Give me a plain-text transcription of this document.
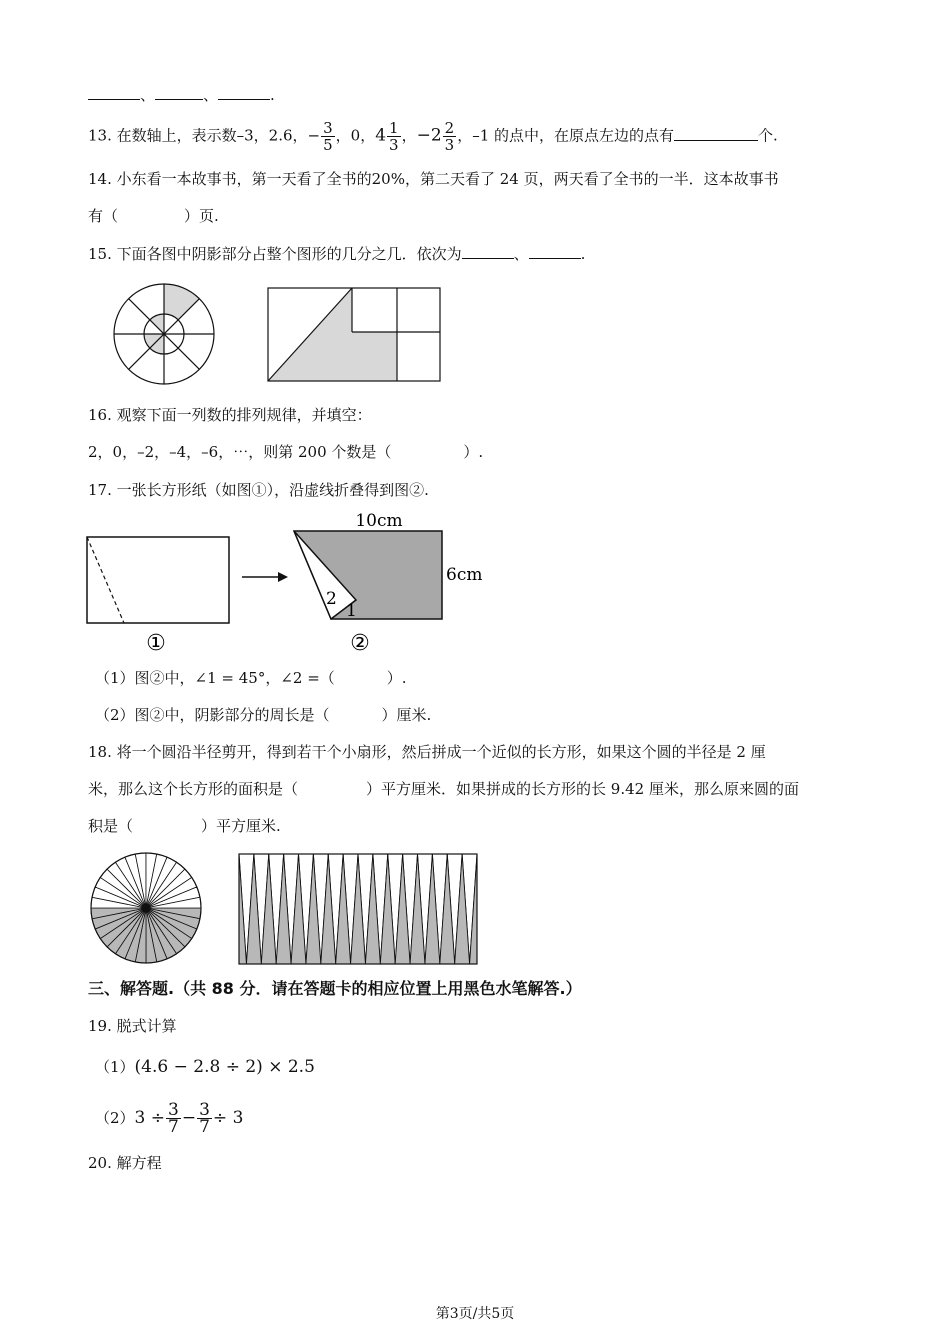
、	、	.
13. 在数轴上，表示数–3，2.6，− $\frac{3}{5}$ ，0，$4 \frac{1}{3}$ ，$-2 \frac{2}{3}$ ，–1 的点中，在原点左边的点有	个.
14. 小东看一本故事书，第一天看了全书的20%，第二天看了 24 页，两天看了全书的一半．这本故事书
有（	）页.
15. 下面各图中阴影部分占整个图形的几分之几．依次为	、	.
16. 观察下面一列数的排列规律，并填空：
2，0，–2，–4，–6，⋯，则第 200 个数是（	）.
17. 一张长方形纸（如图①），沿虚线折叠得到图②.
①
10cm
6cm
2
1
②
（1）图②中，∠1 = 45°，∠2 =（	）.
（2）图②中，阴影部分的周长是（	）厘米.
18. 将一个圆沿半径剪开，得到若干个小扇形，然后拼成一个近似的长方形，如果这个圆的半径是 2 厘
米，那么这个长方形的面积是（	）平方厘米．如果拼成的长方形的长 9.42 厘米，那么原来圆的面
积是（	）平方厘米.
三、解答题.（共 88 分．请在答题卡的相应位置上用黑色水笔解答.）
19. 脱式计算
（1）(4.6 − 2.8 ÷ 2) × 2.5
$(2)3 \div \frac{3}{7} - \frac{3}{7} \div 3$
20. 解方程
第3页/共5页
